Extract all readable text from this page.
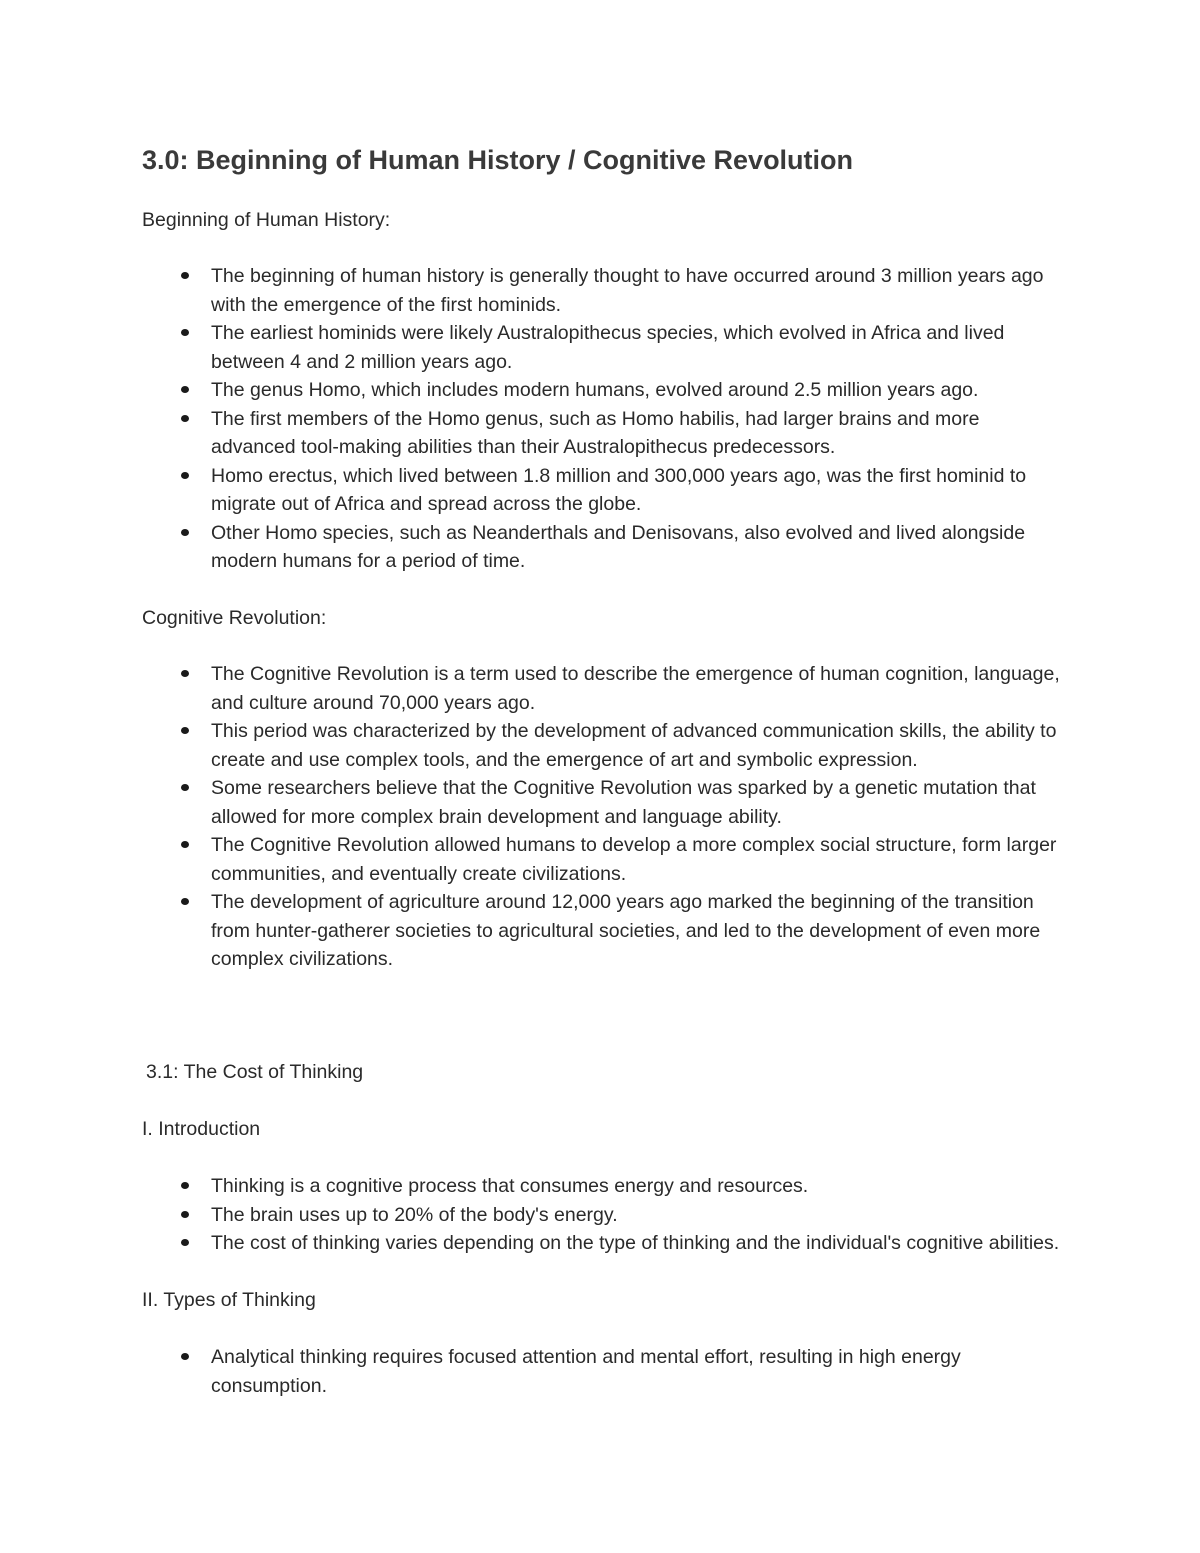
3.0: Beginning of Human History / Cognitive Revolution

Beginning of Human History:

The beginning of human history is generally thought to have occurred around 3 million years ago with the emergence of the first hominids.
The earliest hominids were likely Australopithecus species, which evolved in Africa and lived between 4 and 2 million years ago.
The genus Homo, which includes modern humans, evolved around 2.5 million years ago.
The first members of the Homo genus, such as Homo habilis, had larger brains and more advanced tool-making abilities than their Australopithecus predecessors.
Homo erectus, which lived between 1.8 million and 300,000 years ago, was the first hominid to migrate out of Africa and spread across the globe.
Other Homo species, such as Neanderthals and Denisovans, also evolved and lived alongside modern humans for a period of time.

Cognitive Revolution:

The Cognitive Revolution is a term used to describe the emergence of human cognition, language, and culture around 70,000 years ago.
This period was characterized by the development of advanced communication skills, the ability to create and use complex tools, and the emergence of art and symbolic expression.
Some researchers believe that the Cognitive Revolution was sparked by a genetic mutation that allowed for more complex brain development and language ability.
The Cognitive Revolution allowed humans to develop a more complex social structure, form larger communities, and eventually create civilizations.
The development of agriculture around 12,000 years ago marked the beginning of the transition from hunter-gatherer societies to agricultural societies, and led to the development of even more complex civilizations.

3.1: The Cost of Thinking

I. Introduction

Thinking is a cognitive process that consumes energy and resources.
The brain uses up to 20% of the body's energy.
The cost of thinking varies depending on the type of thinking and the individual's cognitive abilities.

II. Types of Thinking

Analytical thinking requires focused attention and mental effort, resulting in high energy consumption.
